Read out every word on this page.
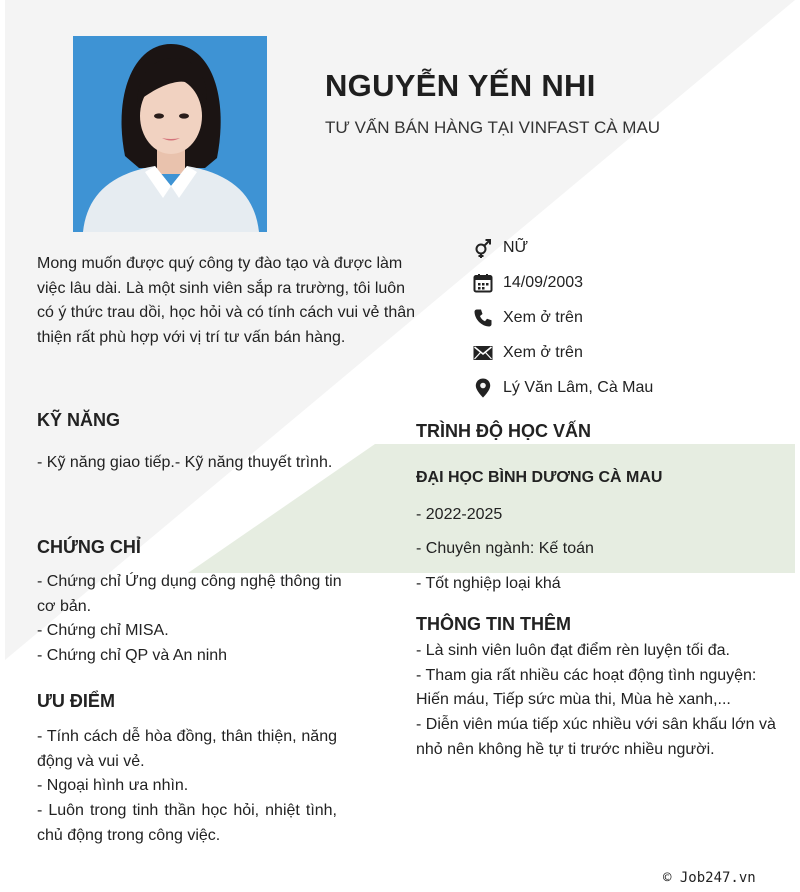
NGUYỄN YẾN NHI

TƯ VẤN BÁN HÀNG TẠI VINFAST CÀ MAU

Mong muốn được quý công ty đào tạo và được làm việc lâu dài. Là một sinh viên sắp ra trường, tôi luôn có ý thức trau dồi, học hỏi và có tính cách vui vẻ thân thiện rất phù hợp với vị trí tư vấn bán hàng.

NỮ
14/09/2003
Xem ở trên
Xem ở trên
Lý Văn Lâm, Cà Mau
KỸ NĂNG

- Kỹ năng giao tiếp.- Kỹ năng thuyết trình.

CHỨNG CHỈ
- Chứng chỉ Ứng dụng công nghệ thông tin cơ bản.
- Chứng chỉ MISA.
- Chứng chỉ QP và An ninh
ƯU ĐIỂM
- Tính cách dễ hòa đồng, thân thiện, năng động và vui vẻ.
- Ngoại hình ưa nhìn.
- Luôn trong tinh thần học hỏi, nhiệt tình, chủ động trong công việc.
TRÌNH ĐỘ HỌC VẤN

ĐẠI HỌC BÌNH DƯƠNG CÀ MAU

- 2022-2025

- Chuyên ngành: Kế toán

- Tốt nghiệp loại khá

THÔNG TIN THÊM
- Là sinh viên luôn đạt điểm rèn luyện tối đa.
- Tham gia rất nhiều các hoạt động tình nguyện: Hiến máu, Tiếp sức mùa thi, Mùa hè xanh,...
- Diễn viên múa tiếp xúc nhiều với sân khấu lớn và nhỏ nên không hề tự ti trước nhiều người.
© Job247.vn
